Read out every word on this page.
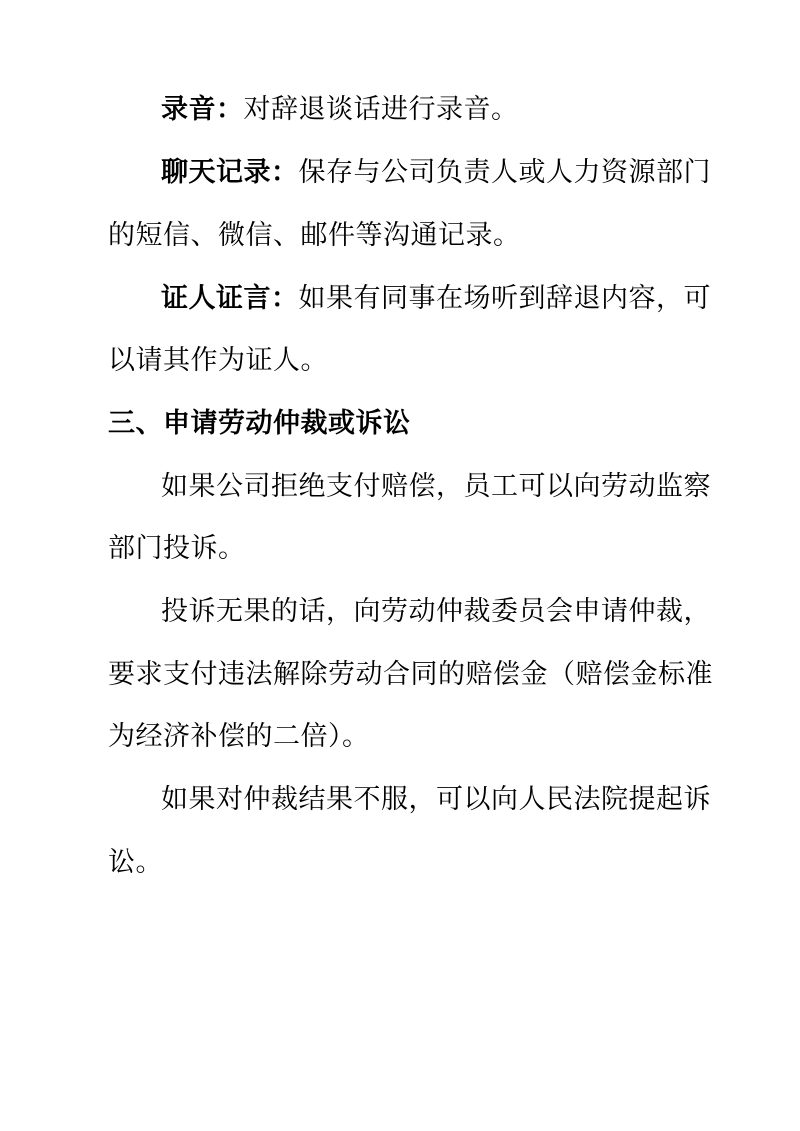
录音：对辞退谈话进行录音。
聊天记录：保存与公司负责人或人力资源部门
的短信、微信、邮件等沟通记录。
证人证言：如果有同事在场听到辞退内容，可
以请其作为证人。
三、申请劳动仲裁或诉讼
如果公司拒绝支付赔偿，员工可以向劳动监察
部门投诉。
投诉无果的话，向劳动仲裁委员会申请仲裁，
要求支付违法解除劳动合同的赔偿金（赔偿金标准
为经济补偿的二倍）。
如果对仲裁结果不服，可以向人民法院提起诉
讼。
